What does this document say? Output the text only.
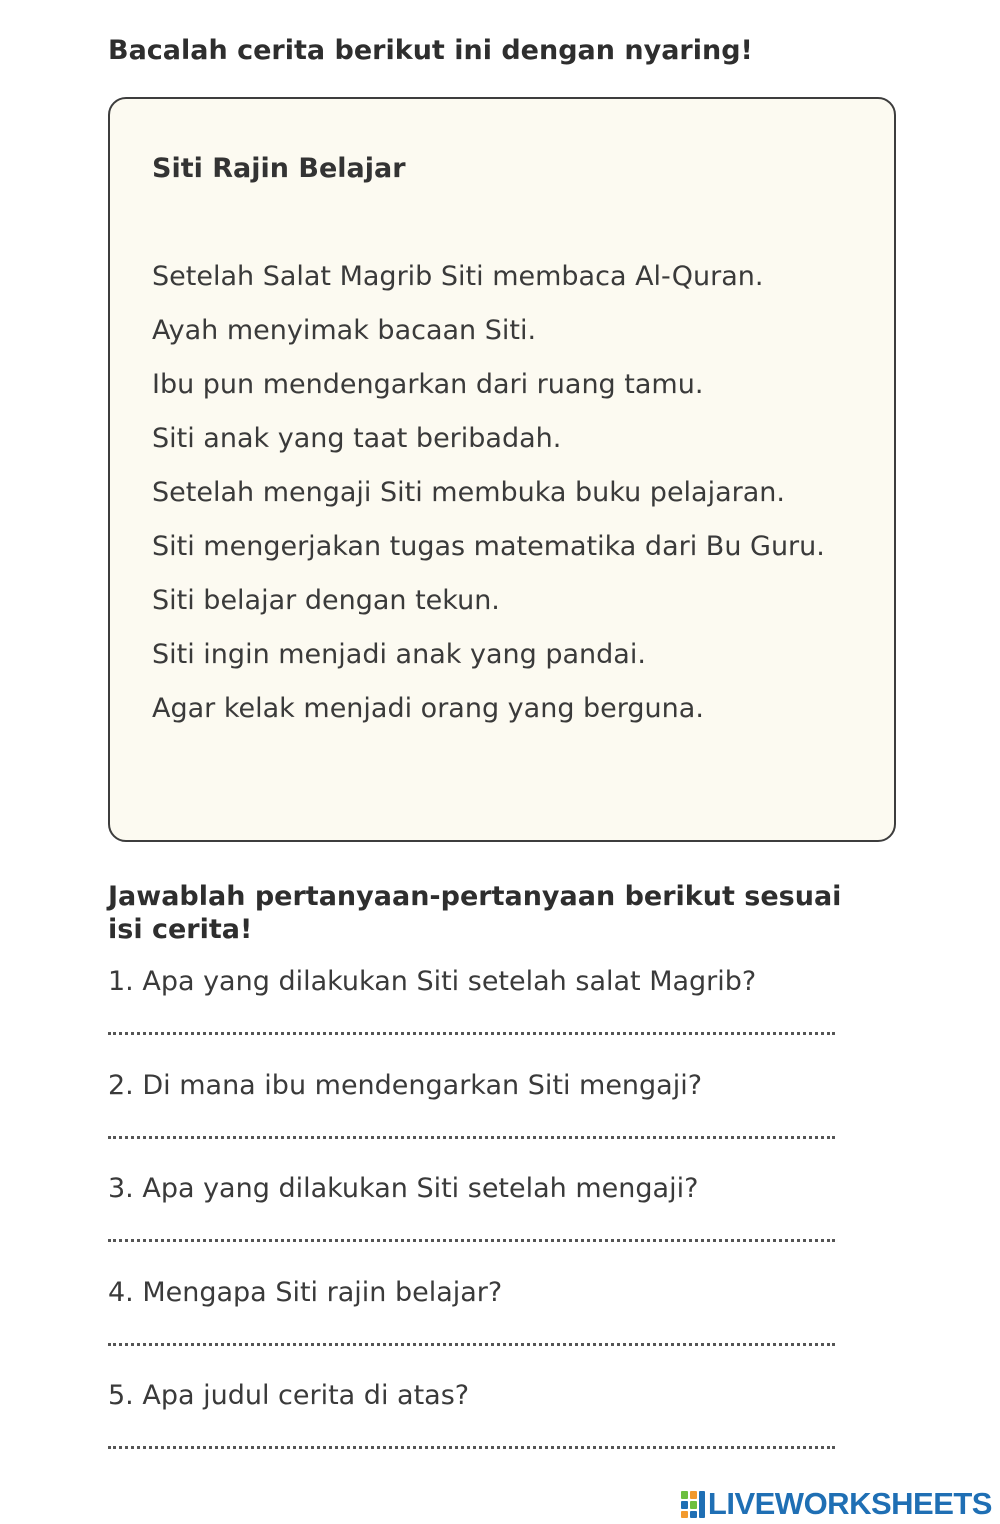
Bacalah cerita berikut ini dengan nyaring!

Siti Rajin Belajar

Setelah Salat Magrib Siti membaca Al-Quran.
Ayah menyimak bacaan Siti.
Ibu pun mendengarkan dari ruang tamu.
Siti anak yang taat beribadah.
Setelah mengaji Siti membuka buku pelajaran.
Siti mengerjakan tugas matematika dari Bu Guru.
Siti belajar dengan tekun.
Siti ingin menjadi anak yang pandai.
Agar kelak menjadi orang yang berguna.

Jawablah pertanyaan-pertanyaan berikut sesuai isi cerita!

1. Apa yang dilakukan Siti setelah salat Magrib?
2. Di mana ibu mendengarkan Siti mengaji?
3. Apa yang dilakukan Siti setelah mengaji?
4. Mengapa Siti rajin belajar?
5. Apa judul cerita di atas?
LIVEWORKSHEETS
